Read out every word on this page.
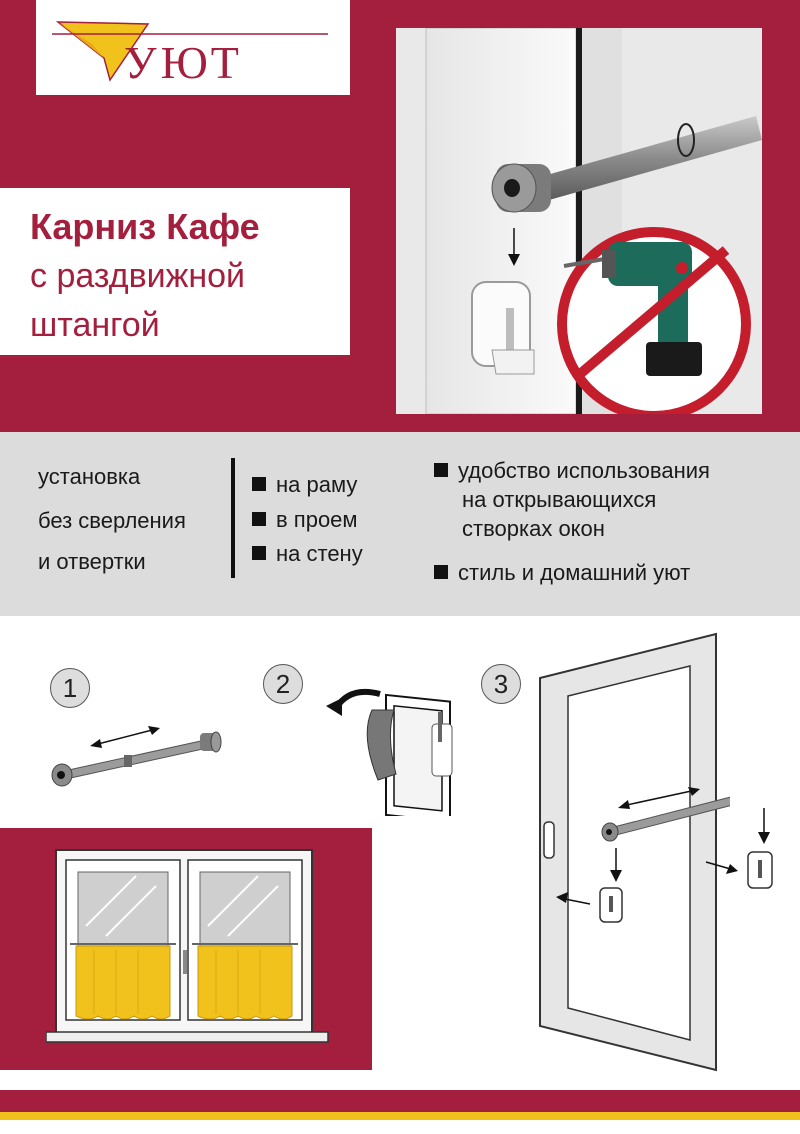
УЮТ
Карниз Кафе
с раздвижной
штангой
установка
без сверления
и отвертки
на раму
в проем
на стену
удобство использования
на открывающихся
створках окон
стиль и домашний уют
1	2	3
